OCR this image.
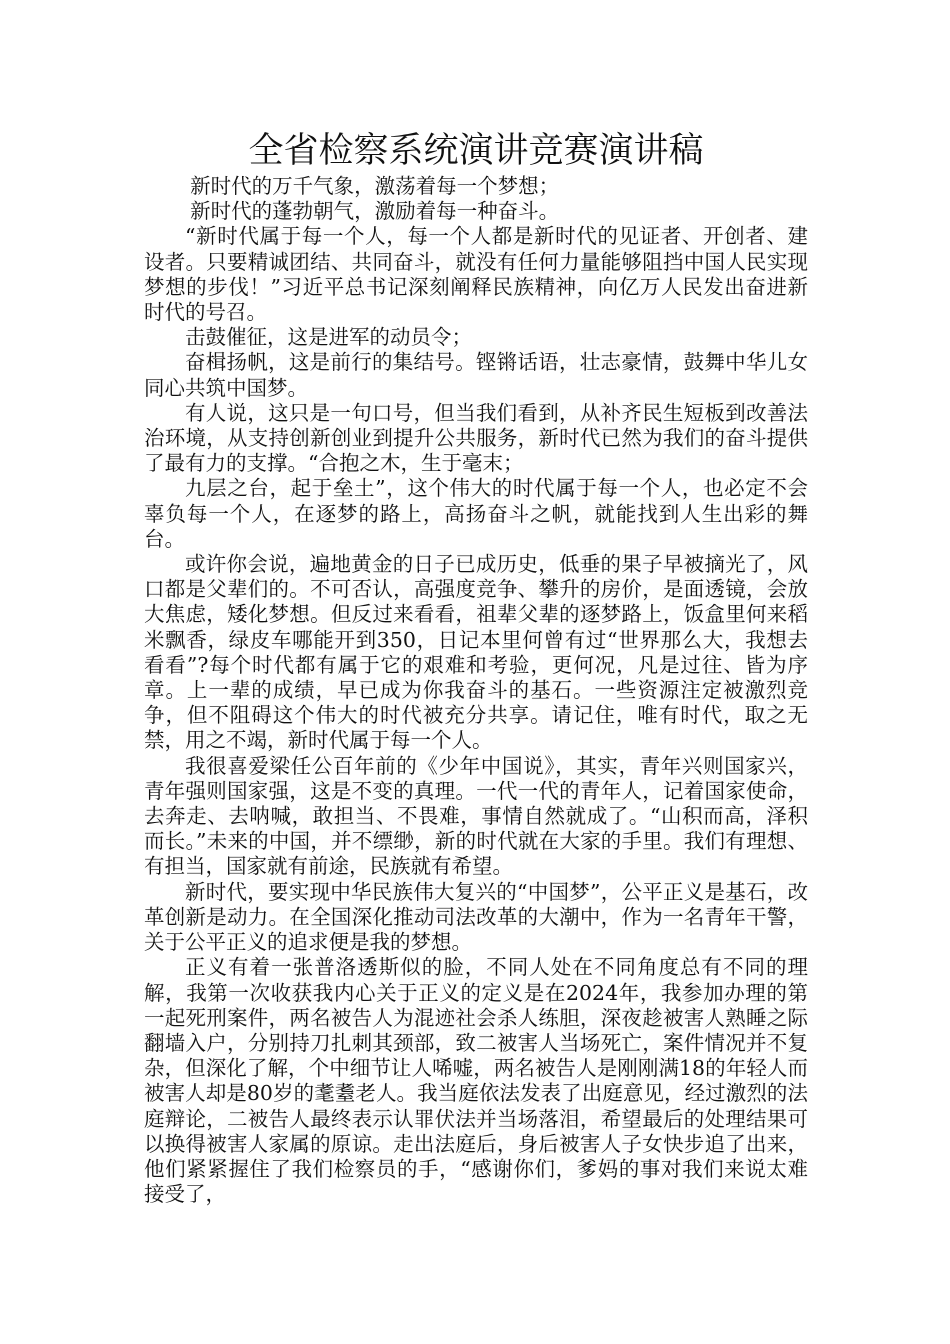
全省检察系统演讲竞赛演讲稿

新时代的万千气象，激荡着每一个梦想；

新时代的蓬勃朝气，激励着每一种奋斗。

“新时代属于每一个人，每一个人都是新时代的见证者、开创者、建设者。只要精诚团结、共同奋斗，就没有任何力量能够阻挡中国人民实现梦想的步伐！”习近平总书记深刻阐释民族精神，向亿万人民发出奋进新时代的号召。

击鼓催征，这是进军的动员令；

奋楫扬帆，这是前行的集结号。铿锵话语，壮志豪情，鼓舞中华儿女同心共筑中国梦。

有人说，这只是一句口号，但当我们看到，从补齐民生短板到改善法治环境，从支持创新创业到提升公共服务，新时代已然为我们的奋斗提供了最有力的支撑。“合抱之木，生于毫末；

九层之台，起于垒土”，这个伟大的时代属于每一个人，也必定不会辜负每一个人，在逐梦的路上，高扬奋斗之帆，就能找到人生出彩的舞台。

或许你会说，遍地黄金的日子已成历史，低垂的果子早被摘光了，风口都是父辈们的。不可否认，高强度竞争、攀升的房价，是面透镜，会放大焦虑，矮化梦想。但反过来看看，祖辈父辈的逐梦路上，饭盒里何来稻米飘香，绿皮车哪能开到350，日记本里何曾有过“世界那么大，我想去看看”?每个时代都有属于它的艰难和考验，更何况，凡是过往、皆为序章。上一辈的成绩，早已成为你我奋斗的基石。一些资源注定被激烈竞争，但不阻碍这个伟大的时代被充分共享。请记住，唯有时代，取之无禁，用之不竭，新时代属于每一个人。

我很喜爱梁任公百年前的《少年中国说》，其实，青年兴则国家兴，青年强则国家强，这是不变的真理。一代一代的青年人，记着国家使命，去奔走、去呐喊，敢担当、不畏难，事情自然就成了。“山积而高，泽积而长。”未来的中国，并不缥缈，新的时代就在大家的手里。我们有理想、有担当，国家就有前途，民族就有希望。

新时代，要实现中华民族伟大复兴的“中国梦”，公平正义是基石，改革创新是动力。在全国深化推动司法改革的大潮中，作为一名青年干警，关于公平正义的追求便是我的梦想。

正义有着一张普洛透斯似的脸，不同人处在不同角度总有不同的理解，我第一次收获我内心关于正义的定义是在2024年，我参加办理的第一起死刑案件，两名被告人为混迹社会杀人练胆，深夜趁被害人熟睡之际翻墙入户，分别持刀扎刺其颈部，致二被害人当场死亡，案件情况并不复杂，但深化了解，个中细节让人唏嘘，两名被告人是刚刚满18的年轻人而被害人却是80岁的耄耋老人。我当庭依法发表了出庭意见，经过激烈的法庭辩论，二被告人最终表示认罪伏法并当场落泪，希望最后的处理结果可以换得被害人家属的原谅。走出法庭后，身后被害人子女快步追了出来，他们紧紧握住了我们检察员的手，“感谢你们，爹妈的事对我们来说太难接受了，
